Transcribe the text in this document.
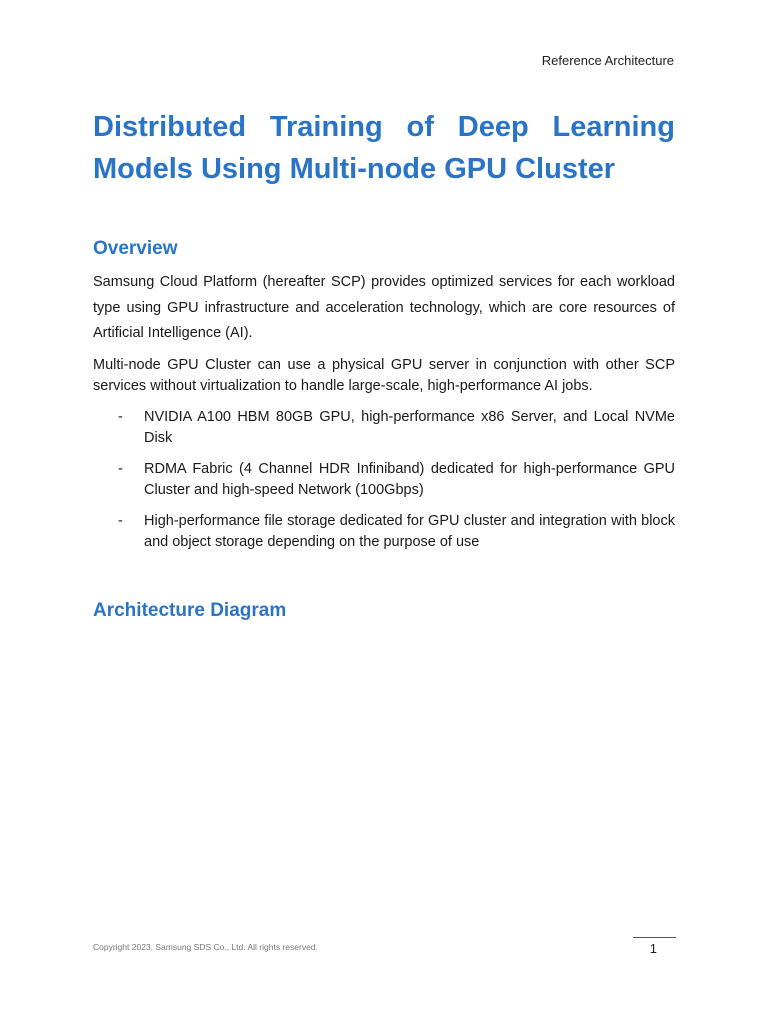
Reference Architecture
Distributed Training of Deep Learning
Models Using Multi-node GPU Cluster
Overview

Samsung Cloud Platform (hereafter SCP) provides optimized services for each workload type using GPU infrastructure and acceleration technology, which are core resources of Artificial Intelligence (AI).

Multi-node GPU Cluster can use a physical GPU server in conjunction with other SCP services without virtualization to handle large-scale, high-performance AI jobs.

- NVIDIA A100 HBM 80GB GPU, high-performance x86 Server, and Local NVMe Disk
- RDMA Fabric (4 Channel HDR Infiniband) dedicated for high-performance GPU Cluster and high-speed Network (100Gbps)
- High-performance file storage dedicated for GPU cluster and integration with block and object storage depending on the purpose of use
Architecture Diagram
Copyright 2023. Samsung SDS Co., Ltd. All rights reserved.	1
